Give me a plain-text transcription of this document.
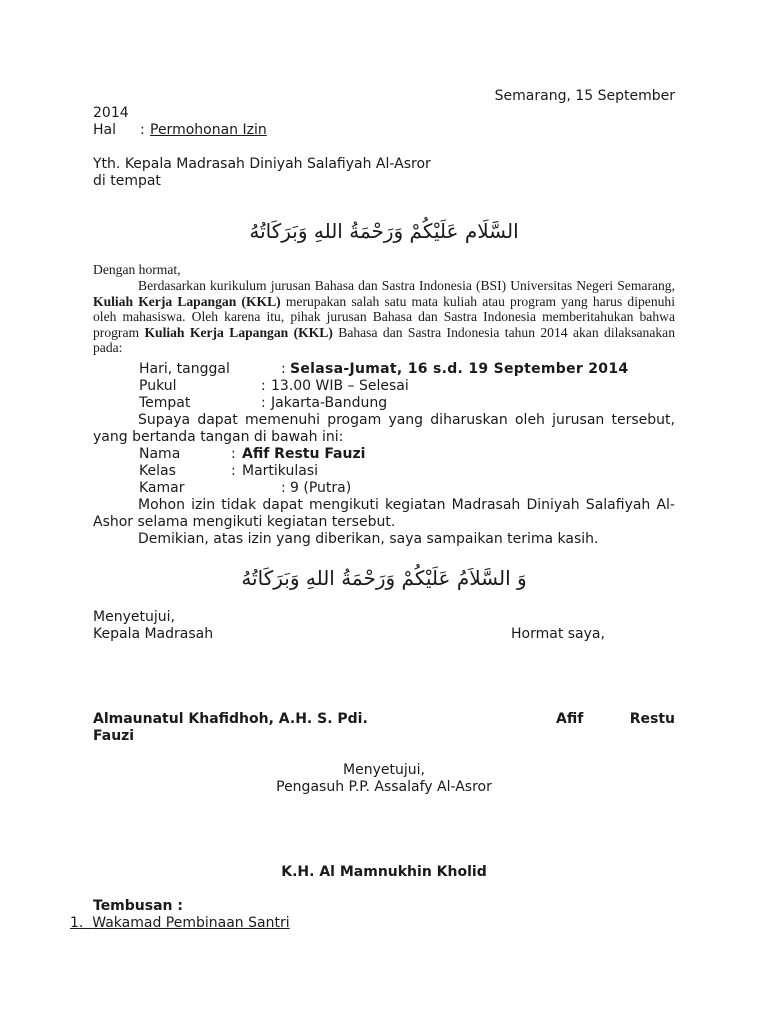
Semarang, 15 September
2014
Hal : Permohonan Izin
Yth. Kepala Madrasah Diniyah Salafiyah Al-Asror
di tempat
السَّلَام عَلَيْكُمْ وَرَحْمَةُ اللهِ وَبَرَكَاتُهُ
Dengan hormat,
Berdasarkan kurikulum jurusan Bahasa dan Sastra Indonesia (BSI) Universitas Negeri Semarang, Kuliah Kerja Lapangan (KKL) merupakan salah satu mata kuliah atau program yang harus dipenuhi oleh mahasiswa. Oleh karena itu, pihak jurusan Bahasa dan Sastra Indonesia memberitahukan bahwa program Kuliah Kerja Lapangan (KKL) Bahasa dan Sastra Indonesia tahun 2014 akan dilaksanakan pada:
Hari, tanggal	: Selasa-Jumat, 16 s.d. 19 September 2014
Pukul	: 13.00 WIB – Selesai
Tempat	: Jakarta-Bandung
Supaya dapat memenuhi progam yang diharuskan oleh jurusan tersebut, yang bertanda tangan di bawah ini:
Nama	: Afif Restu Fauzi
Kelas	: Martikulasi
Kamar	: 9 (Putra)
Mohon izin tidak dapat mengikuti kegiatan Madrasah Diniyah Salafiyah Al-Ashor selama mengikuti kegiatan tersebut.
Demikian, atas izin yang diberikan, saya sampaikan terima kasih.
وَ السَّلاَمُ عَلَيْكُمْ وَرَحْمَةُ اللهِ وَبَرَكَاتُهُ
Menyetujui,
Kepala Madrasah	Hormat saya,
Almaunatul Khafidhoh, A.H. S. Pdi.	Afif	Restu
Fauzi
Menyetujui,
Pengasuh P.P. Assalafy Al-Asror
K.H. Al Mamnukhin Kholid
Tembusan :
1. Wakamad Pembinaan Santri
